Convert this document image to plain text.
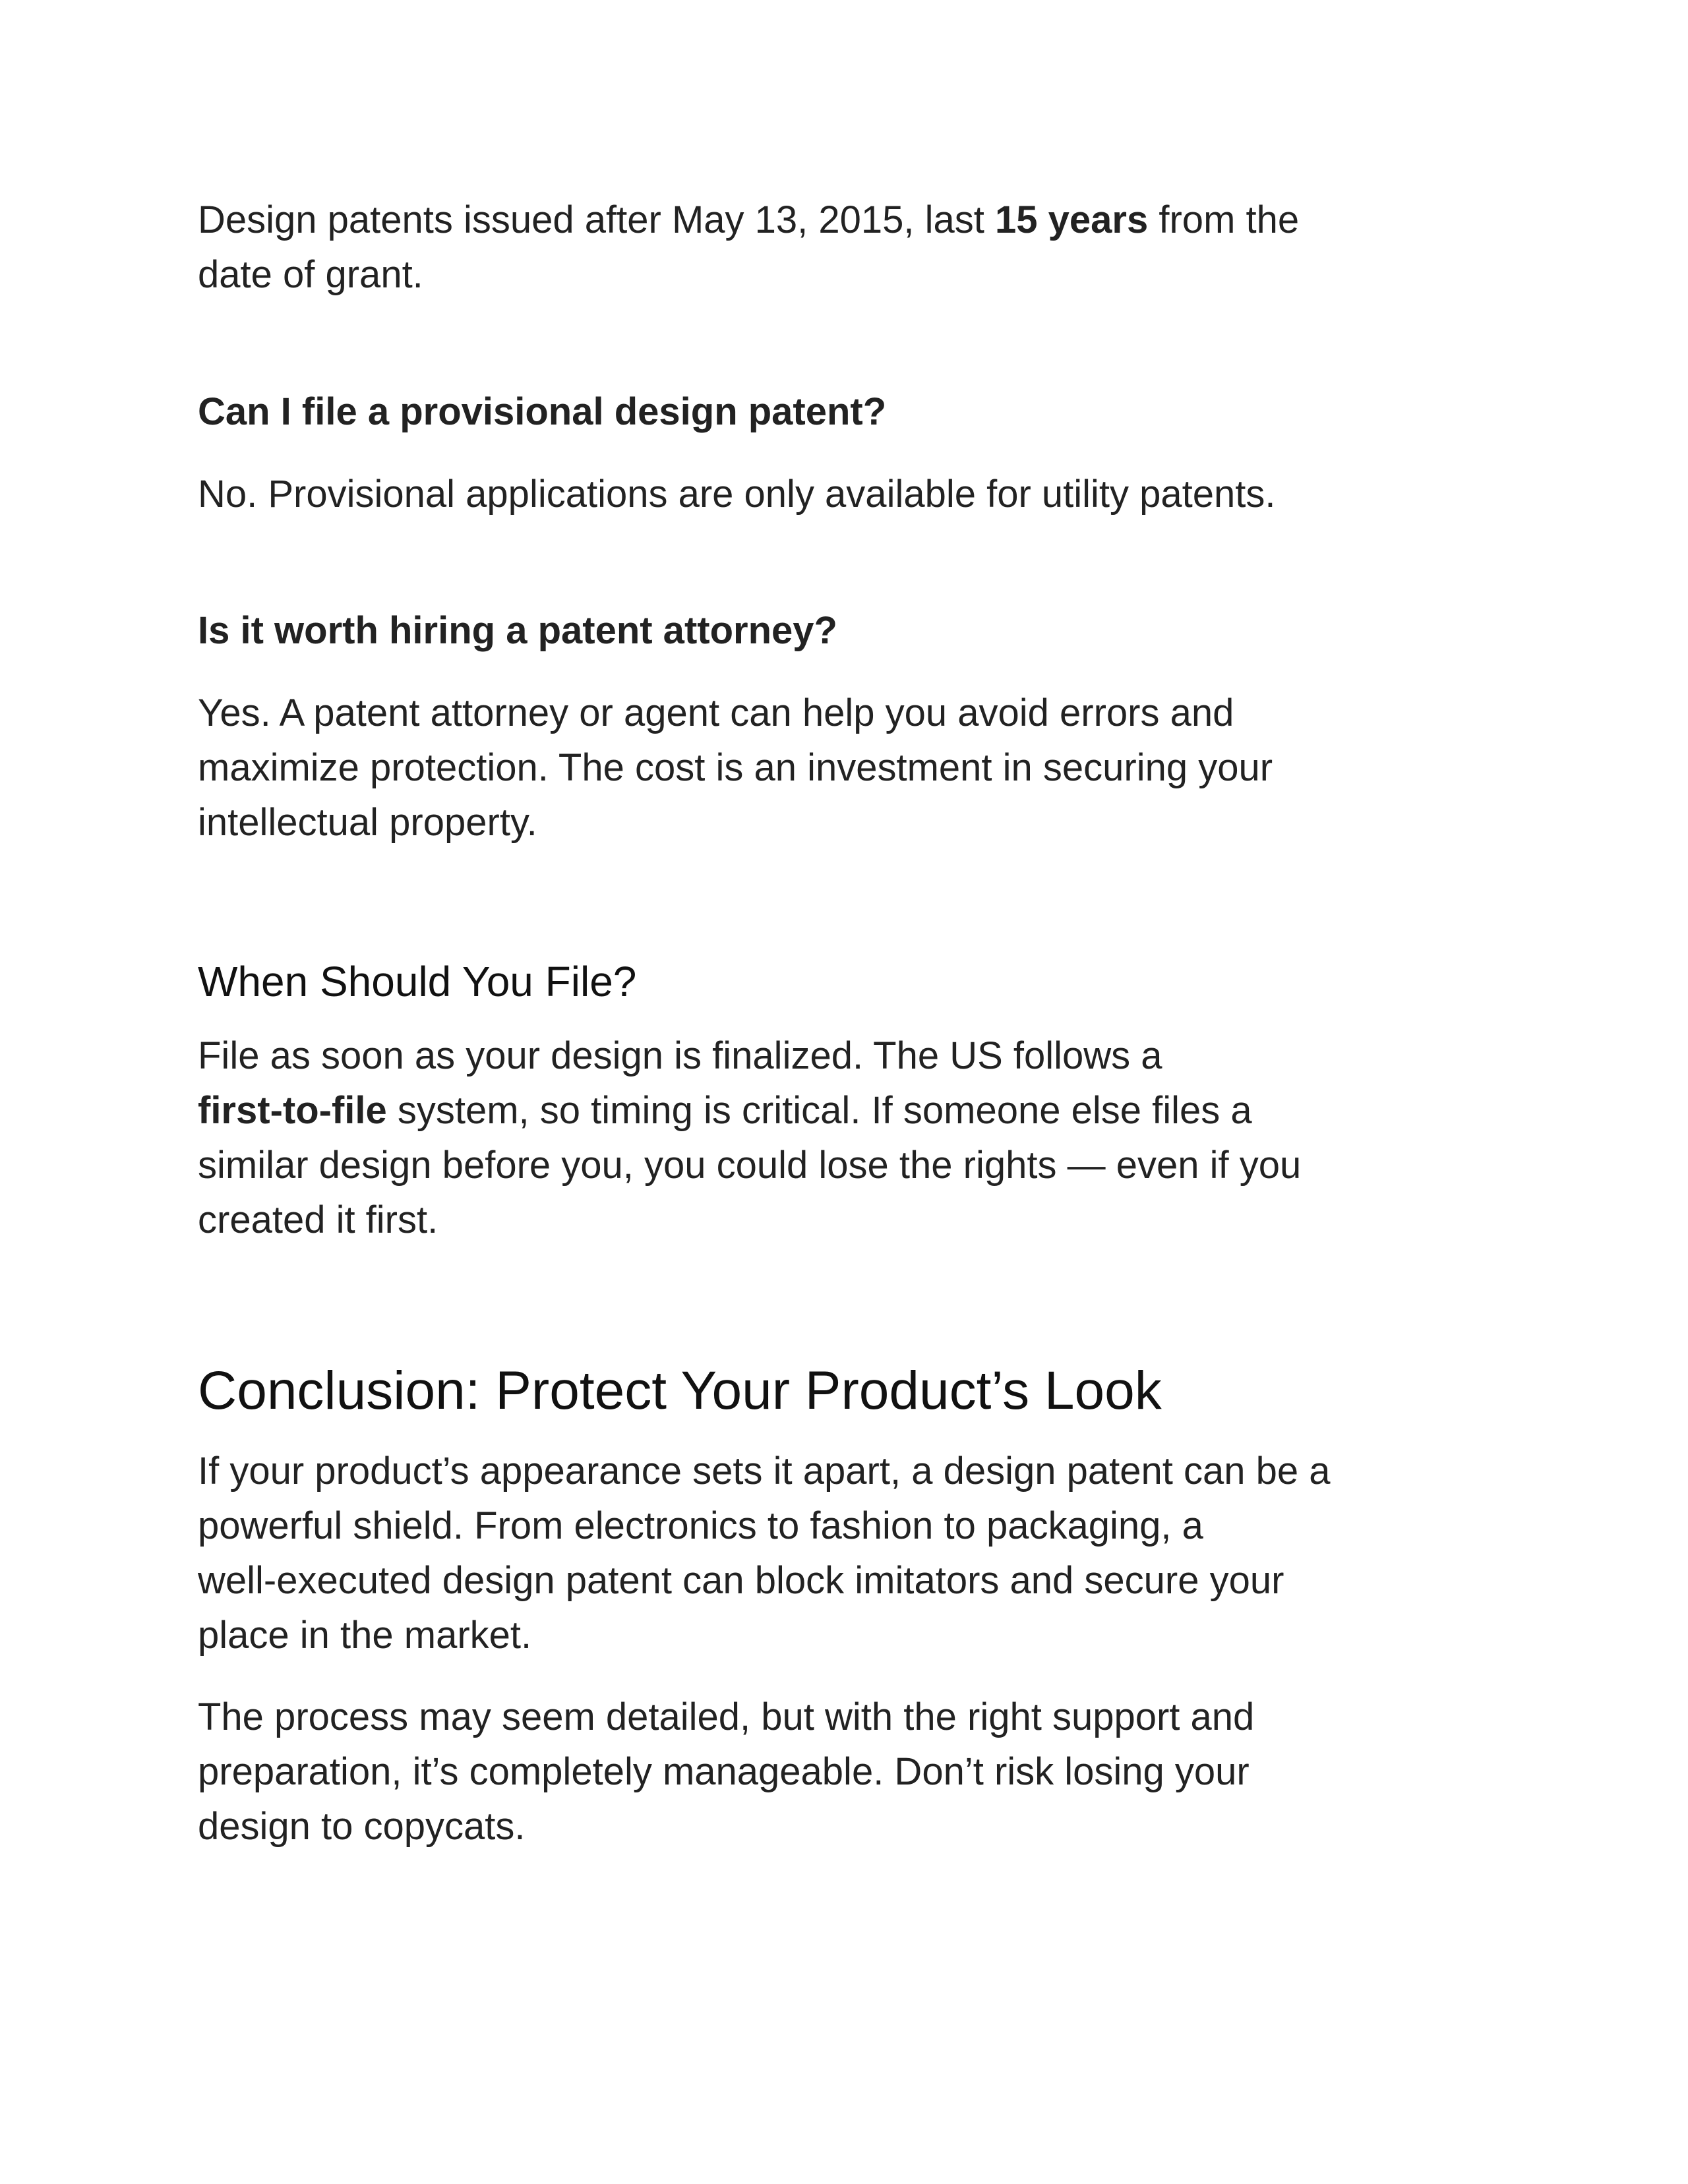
Design patents issued after May 13, 2015, last 15 years from the
date of grant.

Can I file a provisional design patent?

No. Provisional applications are only available for utility patents.

Is it worth hiring a patent attorney?

Yes. A patent attorney or agent can help you avoid errors and
maximize protection. The cost is an investment in securing your
intellectual property.

When Should You File?

File as soon as your design is finalized. The US follows a
first-to-file system, so timing is critical. If someone else files a
similar design before you, you could lose the rights — even if you
created it first.

Conclusion: Protect Your Product’s Look

If your product’s appearance sets it apart, a design patent can be a
powerful shield. From electronics to fashion to packaging, a
well-executed design patent can block imitators and secure your
place in the market.

The process may seem detailed, but with the right support and
preparation, it’s completely manageable. Don’t risk losing your
design to copycats.
